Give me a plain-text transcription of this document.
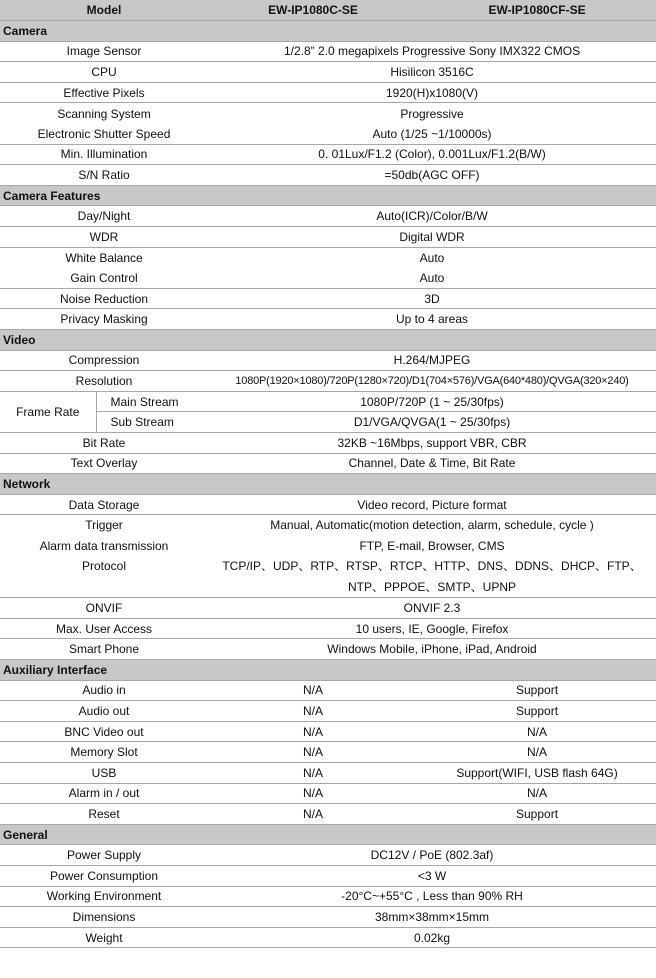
Model		EW-IP1080C-SE	EW-IP1080CF-SE
Camera			
Image Sensor		1/2.8” 2.0 megapixels Progressive Sony IMX322 CMOS	
CPU		Hisilicon 3516C	
Effective Pixels		1920(H)x1080(V)	
Scanning System		Progressive	
Electronic Shutter Speed		Auto (1/25 ~1/10000s)	
Min. Illumination		0. 01Lux/F1.2 (Color), 0.001Lux/F1.2(B/W)	
S/N Ratio		=50db(AGC OFF)	
Camera Features			
Day/Night		Auto(ICR)/Color/B/W	
WDR		Digital WDR	
White Balance		Auto	
Gain Control		Auto	
Noise Reduction		3D	
Privacy Masking		Up to 4 areas	
Video			
Compression		H.264/MJPEG	
Resolution		1080P(1920×1080)/720P(1280×720)/D1(704×576)/VGA(640*480)/QVGA(320×240)	
Frame Rate	Main Stream	1080P/720P (1 ~ 25/30fps)	
	Sub Stream	D1/VGA/QVGA(1 ~ 25/30fps)	
Bit Rate		32KB ~16Mbps, support VBR, CBR	
Text Overlay		Channel, Date & Time, Bit Rate	
Network			
Data Storage		Video record, Picture format	
Trigger		Manual, Automatic(motion detection, alarm, schedule, cycle )	
Alarm data transmission		FTP, E-mail, Browser, CMS	
Protocol		TCP/IP、UDP、RTP、RTSP、RTCP、HTTP、DNS、DDNS、DHCP、FTP、NTP、PPPOE、SMTP、UPNP	
ONVIF		ONVIF 2.3	
Max. User Access		10 users, IE, Google, Firefox	
Smart Phone		Windows Mobile, iPhone, iPad, Android	
Auxiliary Interface			
Audio in		N/A	Support
Audio out		N/A	Support
BNC Video out		N/A	N/A
Memory Slot		N/A	N/A
USB		N/A	Support(WIFI, USB flash 64G)
Alarm in / out		N/A	N/A
Reset		N/A	Support
General			
Power Supply		DC12V / PoE (802.3af)	
Power Consumption		<3 W	
Working Environment		-20°C~+55°C , Less than 90% RH	
Dimensions		38mm×38mm×15mm	
Weight		0.02kg	
